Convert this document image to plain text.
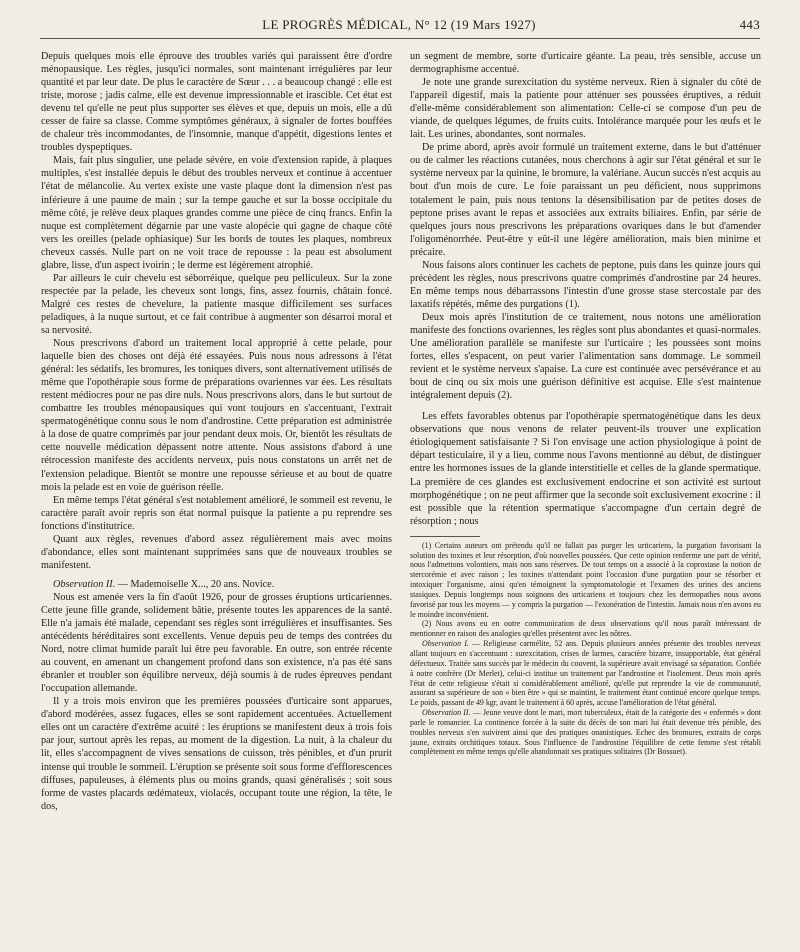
LE PROGRÈS MÉDICAL, N° 12 (19 Mars 1927)	443

Depuis quelques mois elle éprouve des troubles variés qui paraissent être d'ordre ménopausique. Les règles, jusqu'ici normales, sont maintenant irrégulières par leur quantité et par leur date. De plus le caractère de Sœur . . . a beaucoup changé : elle est triste, morose ; jadis calme, elle est devenue impressionnable et irascible. Cet état est devenu tel qu'elle ne peut plus supporter ses élèves et que, depuis un mois, elle a dû cesser de faire sa classe. Comme symptômes généraux, à signaler de fortes bouffées de chaleur très incommodantes, de l'insomnie, manque d'appétit, digestions lentes et troubles dyspeptiques.

Mais, fait plus singulier, une pelade sévère, en voie d'extension rapide, à plaques multiples, s'est installée depuis le début des troubles nerveux et continue à accentuer l'état de mélancolie. Au vertex existe une vaste plaque dont la dimension n'est pas inférieure à une paume de main ; sur la tempe gauche et sur la bosse occipitale du même côté, je relève deux plaques grandes comme une pièce de cinq francs. Enfin la nuque est complètement dégarnie par une vaste alopécie qui gagne de chaque côté vers les oreilles (pelade ophiasique) Sur les bords de toutes les plaques, nombreux cheveux cassés. Nulle part on ne voit trace de repousse : la peau est absolument glabre, lisse, d'un aspect ivoirin ; le derme est légèrement atrophié.

Par ailleurs le cuir chevelu est séborréique, quelque peu pelliculeux. Sur la zone respectée par la pelade, les cheveux sont longs, fins, assez fournis, châtain foncé. Malgré ces restes de chevelure, la patiente masque difficilement ses surfaces peladiques, à la nuque surtout, et ce fait contribue à augmenter son désarroi moral et sa nervosité.

Nous prescrivons d'abord un traitement local approprié à cette pelade, pour laquelle bien des choses ont déjà été essayées. Puis nous nous adressons à l'état général: les sédatifs, les bromures, les toniques divers, sont alternativement utilisés de même que l'opothérapie sous forme de préparations ovariennes var ées. Les résultats restent médiocres pour ne pas dire nuls. Nous prescrivons alors, dans le but surtout de combattre les troubles ménopausiques qui vont toujours en s'accentuant, l'extrait spermatogénétique connu sous le nom d'androstine. Cette préparation est administrée à la dose de quatre comprimés par jour pendant deux mois. Or, bientôt les résultats de cette nouvelle médication dépassent notre attente. Nous assistons d'abord à une rétrocession manifeste des accidents nerveux, puis nous constatons un arrêt net de l'extension peladique. Bientôt se montre une repousse sérieuse et au bout de quatre mois la pelade est en voie de guérison réelle.

En même temps l'état général s'est notablement amélioré, le sommeil est revenu, le caractère paraît avoir repris son état normal puisque la patiente a pu reprendre ses fonctions d'institutrice.

Quant aux règles, revenues d'abord assez régulièrement mais avec moins d'abondance, elles sont maintenant supprimées sans que de nouveaux troubles se manifestent.

Observation II. — Mademoiselle X..., 20 ans. Novice.

Nous est amenée vers la fin d'août 1926, pour de grosses éruptions urticariennes. Cette jeune fille grande, solidement bâtie, présente toutes les apparences de la santé. Elle n'a jamais été malade, cependant ses règles sont irrégulières et insuffisantes. Ses antécédents héréditaires sont excellents. Venue depuis peu de temps des contrées du Nord, notre climat humide paraît lui être peu favorable. En outre, son entrée récente au couvent, en amenant un changement profond dans son existence, n'a pas été sans ébranler et troubler son équilibre nerveux, déjà soumis à de rudes épreuves pendant l'occupation allemande.

Il y a trois mois environ que les premières poussées d'urticaire sont apparues, d'abord modérées, assez fugaces, elles se sont rapidement accentuées. Actuellement elles ont un caractère d'extrême acuité : les éruptions se manifestent deux à trois fois par jour, surtout après les repas, au moment de la digestion. La nuit, à la chaleur du lit, elles s'accompagnent de vives sensations de cuisson, très pénibles, et d'un prurit intense qui trouble le sommeil. L'éruption se présente soit sous forme d'efflorescences diffuses, papuleuses, à éléments plus ou moins grands, quasi généralisés ; soit sous forme de vastes placards œdémateux, violacés, occupant toute une région, la tête, le dos,

un segment de membre, sorte d'urticaire géante. La peau, très sensible, accuse un dermographisme accentué.

Je note une grande surexcitation du système nerveux. Rien à signaler du côté de l'appareil digestif, mais la patiente pour atténuer ses poussées éruptives, a réduit d'elle-même considérablement son alimentation: Celle-ci se compose d'un peu de viande, de quelques légumes, de fruits cuits. Intolérance marquée pour les œufs et le lait. Les urines, abondantes, sont normales.

De prime abord, après avoir formulé un traitement externe, dans le but d'atténuer ou de calmer les réactions cutanées, nous cherchons à agir sur l'état général et sur le système nerveux par la quinine, le bromure, la valériane. Aucun succès n'est acquis au bout d'un mois de cure. Le foie paraissant un peu déficient, nous supprimons totalement le pain, puis nous tentons la désensibilisation par de petites doses de peptone prises avant le repas et associées aux extraits biliaires. Enfin, par série de quelques jours nous prescrivons les préparations ovariques dans le but d'amender l'oligoménorrhée. Peut-être y eût-il une légère amélioration, mais bien minime et précaire.

Nous faisons alors continuer les cachets de peptone, puis dans les quinze jours qui précèdent les règles, nous prescrivons quatre comprimés d'androstine par 24 heures. En même temps nous débarrassons l'intestin d'une grosse stase stercostale par des laxatifs répétés, même des purgations (1).

Deux mois après l'institution de ce traitement, nous notons une amélioration manifeste des fonctions ovariennes, les règles sont plus abondantes et quasi-normales. Une amélioration parallèle se manifeste sur l'urticaire ; les poussées sont moins fortes, elles s'espacent, on peut varier l'alimentation sans dommage. Le sommeil revient et le système nerveux s'apaise. La cure est continuée avec persévérance et au bout de cinq ou six mois une guérison définitive est acquise. Elle s'est maintenue intégralement depuis (2).

Les effets favorables obtenus par l'opothérapie spermatogénétique dans les deux observations que nous venons de relater peuvent-ils trouver une explication étiologiquement satisfaisante ? Si l'on envisage une action physiologique à point de départ testiculaire, il y a lieu, comme nous l'avons mentionné au début, de distinguer entre les hormones issues de la glande interstitielle et celles de la glande spermatique. La première de ces glandes est exclusivement endocrine et son activité est surtout morphogénétique ; on ne peut affirmer que la seconde soit exclusivement exocrine : il est possible que la rétention spermatique s'accompagne d'un certain degré de résorption ; nous

(1) Certains auteurs ont prétendu qu'il ne fallait pas purger les urticariens, la purgation favorisant la solution des toxines et leur résorption, d'où nouvelles poussées. Que cette opinion renferme une part de vérité, nous l'admettons volontiers, mais non sans réserves. De tout temps on a associé à la coprostase la notion de stercorémie et avec raison ; les toxines n'attendant point l'occasion d'une purgation pour se résorber et intoxiquer l'organisme, ainsi qu'en témoignent la symptomatologie et l'examen des urines des anciens stasiques. Depuis longtemps nous soignons des urticariens et toujours chez les dermopathes nous avons favorisé par tous les moyens — y compris la purgation — l'exonération de l'intestin. Jamais nous n'en avons eu le moindre inconvénient.

(2) Nous avons eu en outre communication de deux observations qu'il nous paraît intéressant de mentionner en raison des analogies qu'elles présentent avec les nôtres.

Observation I. — Religieuse carmélite, 52 ans. Depuis plusieurs années présente des troubles nerveux allant toujours en s'accentuant : surexcitation, crises de larmes, caractère bizarre, insupportable, état général défectueux. Traitée sans succès par le médecin du couvent, la supérieure avait envisagé sa séparation. Confiée à notre confrère (Dr Merlet), celui-ci institue un traitement par l'androstine et l'isolement. Deux mois après l'état de cette religieuse s'était si considérablement amélioré, qu'elle put reprendre la vie de communauté, assurant sa supérieure de son « bien être » qui se maintint, le traitement étant continué encore quelque temps. Le poids, passant de 49 kgr, avant le traitement à 60 après, accuse l'amélioration de l'état général.

Observation II. — Jeune veuve dont le mari, mort tuberculeux, était de la catégorie des « enfermés » dont parle le romancier. La continence forcée à la suite du décès de son mari lui était devenue très pénible, des troubles nerveux s'en suivirent ainsi que des pratiques onanistiques. Echec des bromures, extraits de corps jaune, extraits orchitiques totaux. Sous l'influence de l'androstine l'équilibre de cette femme s'est rétabli complètement en même temps qu'elle abandonnait ses pratiques solitaires (Dr Bossuet).
